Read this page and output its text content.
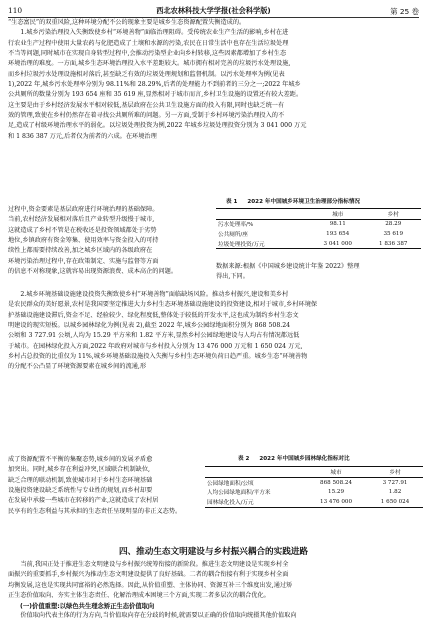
110	西北农林科技大学学报(社会科学版)	第 25 卷

“生态富民”的双重风险,这种环境分配不公的现象主要是城乡生态资源配置失衡造成的。

　　1.城乡污染治理投入失衡致使乡村“环境善物”面临治理阻碍。受传统农业生产生活的影响,乡村在进

行农业生产过程中使用大量农药与化肥造成了土壤和水源的污染,农民在日常生活中也存在生活垃圾处理

不当等问题,同时城市在实现自身转型过程中,会推动污染型企业向乡村转移,这些因素都增加了乡村生态

环境治理的难度。一方面,城乡生态环境治理投入水平差距较大。城市拥有相对完善的垃圾污水处理设施,

而乡村垃圾污水处理设施相对落后,甚至缺乏有效的垃圾处理规划和监督机制。以污水处理率为例(见表

1),2022 年,城乡污水处理率分别为 98.11%和 28.29%,后者的处理能力不到前者的三分之一;2022 年城乡

公共厕所的数量分别为 193 654 座和 35 619 座,显然相对于城市而言,乡村卫生设施的设置还有较大差距。

这主要是由于乡村经济发展水平相对较低,基层政府在公共卫生设施方面的投入有限,同时也缺乏统一有

效的管理,致使在乡村仍然存在着寻找公共厕所难的问题。另一方面,受制于乡村环境污染治理投入的不

足,造成了村级环境治理水平的弱化。以垃圾处理投资为例,2022 年城乡垃圾处理投资分别为 3 041 000 万元

和 1 836 387 万元,后者仅为前者的六成。在环境治理

过程中,资金要素是基层政府进行环境治理的基础保障。

当前,农村经济发展相对落后且产业转型升级慢于城市,

这就造成了乡村不管是在税收还是投资领域都处于劣势

地位,乡镇政府有资金筹集、使用效率与资金投入的可持

续性上都需要持续改善,加之城乡区域内的各级政府在

环境污染治理过程中,存在政策制定、实施与监督等方面

的信息不对称现象,这就容易出现资源浪费、成本高企的问题。

表 1 2022 年中国城乡环境卫生治理部分指标情况
	城市	乡村
污水处理率/%	98.11	28.29
公共厕所/座	193 654	35 619
垃圾处理投资/万元	3 041 000	1 836 387
数据来源:根据《中国城乡建设统计年鉴 2022》整理
得出,下同。

　　2.城乡环境基础设施建设投资失衡致使乡村“环境善物”面临缺场风险。推动乡村振兴,建设和美乡村

是农民群众的美好愿景,农村是我国要坚定推进大力乡村生态环境基础设施建设的投资建设,相对于城市,乡村环境保

护基础设施建设滞后,资金不足、经验较少、绿化程度低,整体处于较低的开发水平,这也成为制约乡村生态文

明建设的现实短板。以城乡园林绿化为例(见表 2),截至 2022 年,城乡公园绿地面积分别为 868 508.24

公顷和 3 727.91 公顷,人均为 15.29 平方米和 1.82 平方米,显然乡村公园绿地建设与人均占有情况都远低

于城市。在园林绿化投入方面,2022 年政府对城市与乡村投入分别为 13 476 000 万元和 1 650 024 万元,

乡村占总投资的比重仅为 11%,城乡环境基础设施投入失衡与乡村生态环境负荷日趋严重。城乡生态“环境善物

的分配不公凸显了环境资源要素在城乡间的流通,形

成了资源配置不平衡的集聚态势,城乡间的发展矛盾愈

加突出。同时,城乡存在利益冲突,区域联合机制缺位,

缺乏合理的联动机制,致使城市对于乡村生态环境基础

设施投资建设缺乏系统性与专业性的规划,而乡村却要

在发展中承接一些城市在转移的产业,这就造成了农村居

民享有的生态利益与其承担的生态责任呈现明显的非正义态势。

表 2 2022 年中国城乡园林绿化指标对比
	城市	乡村
公园绿地面积/公顷	868 508.24	3 727.91
人均公园绿地面积/平方米	15.29	1.82
园林绿化投入/万元	13 476 000	1 650 024
四、推动生态文明建设与乡村振兴耦合的实践进路

　　当前,我国正处于推进生态文明建设与乡村振兴统筹衔接的新阶段。推进生态文明建设是实现乡村全

面振兴的重要抓手,乡村振兴为推动生态文明建设提供了良好基础。二者的耦合衔接有利于实现乡村全面

均衡发展,这也是实现共同富裕的必然选择。因此,从价值重塑、主体协同、资源互补三个维度出发,通过矫

正生态价值取向、夯实主体生态责任、化解治理成本困境三个方面,实现二者多层次的耦合优化。

(一)价值重塑:以绿色共生理念矫正生态价值取向

　　价值取向代表主体的行为方向,当价值取向存在分歧的时候,就需要以正确的价值取向统摄其他价值取向
